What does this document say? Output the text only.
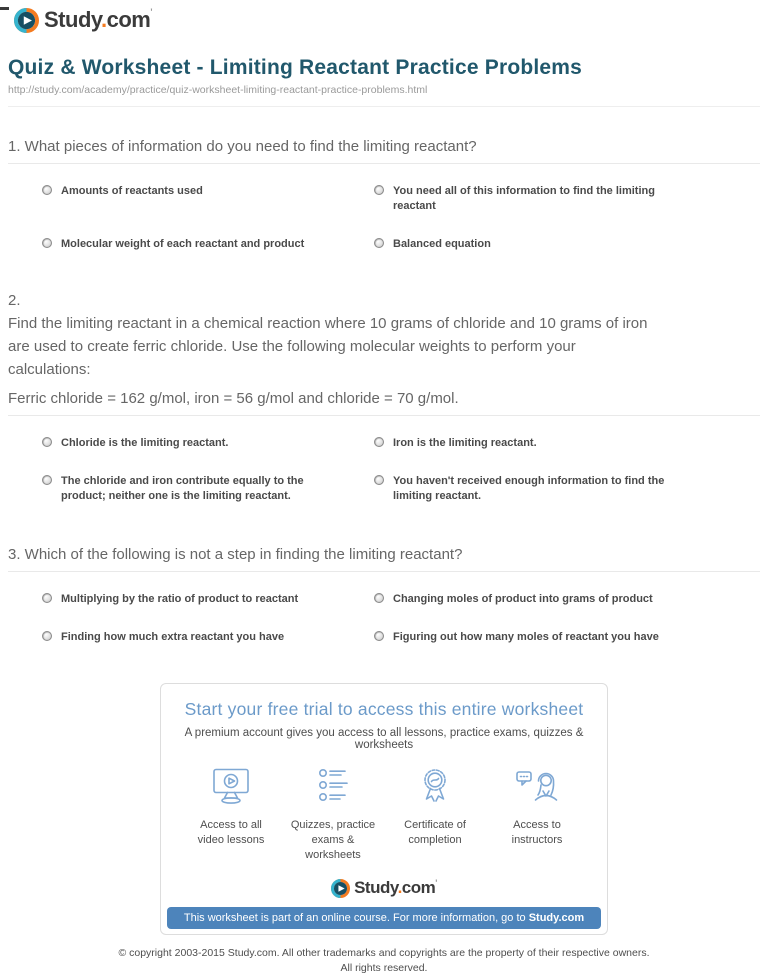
Study.com'
Quiz & Worksheet - Limiting Reactant Practice Problems
http://study.com/academy/practice/quiz-worksheet-limiting-reactant-practice-problems.html
1. What pieces of information do you need to find the limiting reactant?
Amounts of reactants used	You need all of this information to find the limiting reactant
Molecular weight of each reactant and product	Balanced equation
2.
Find the limiting reactant in a chemical reaction where 10 grams of chloride and 10 grams of iron are used to create ferric chloride. Use the following molecular weights to perform your calculations:
Ferric chloride = 162 g/mol, iron = 56 g/mol and chloride = 70 g/mol.
Chloride is the limiting reactant.	Iron is the limiting reactant.
The chloride and iron contribute equally to the product; neither one is the limiting reactant.
You haven't received enough information to find the limiting reactant.
3. Which of the following is not a step in finding the limiting reactant?
Multiplying by the ratio of product to reactant	Changing moles of product into grams of product
Finding how much extra reactant you have	Figuring out how many moles of reactant you have
Start your free trial to access this entire worksheet
A premium account gives you access to all lessons, practice exams, quizzes & worksheets
Access to all
video lessons
Quizzes, practice
exams & worksheets
Certificate of
completion
Access to
instructors
Study.com'
This worksheet is part of an online course. For more information, go to Study.com
© copyright 2003-2015 Study.com. All other trademarks and copyrights are the property of their respective owners.
All rights reserved.
